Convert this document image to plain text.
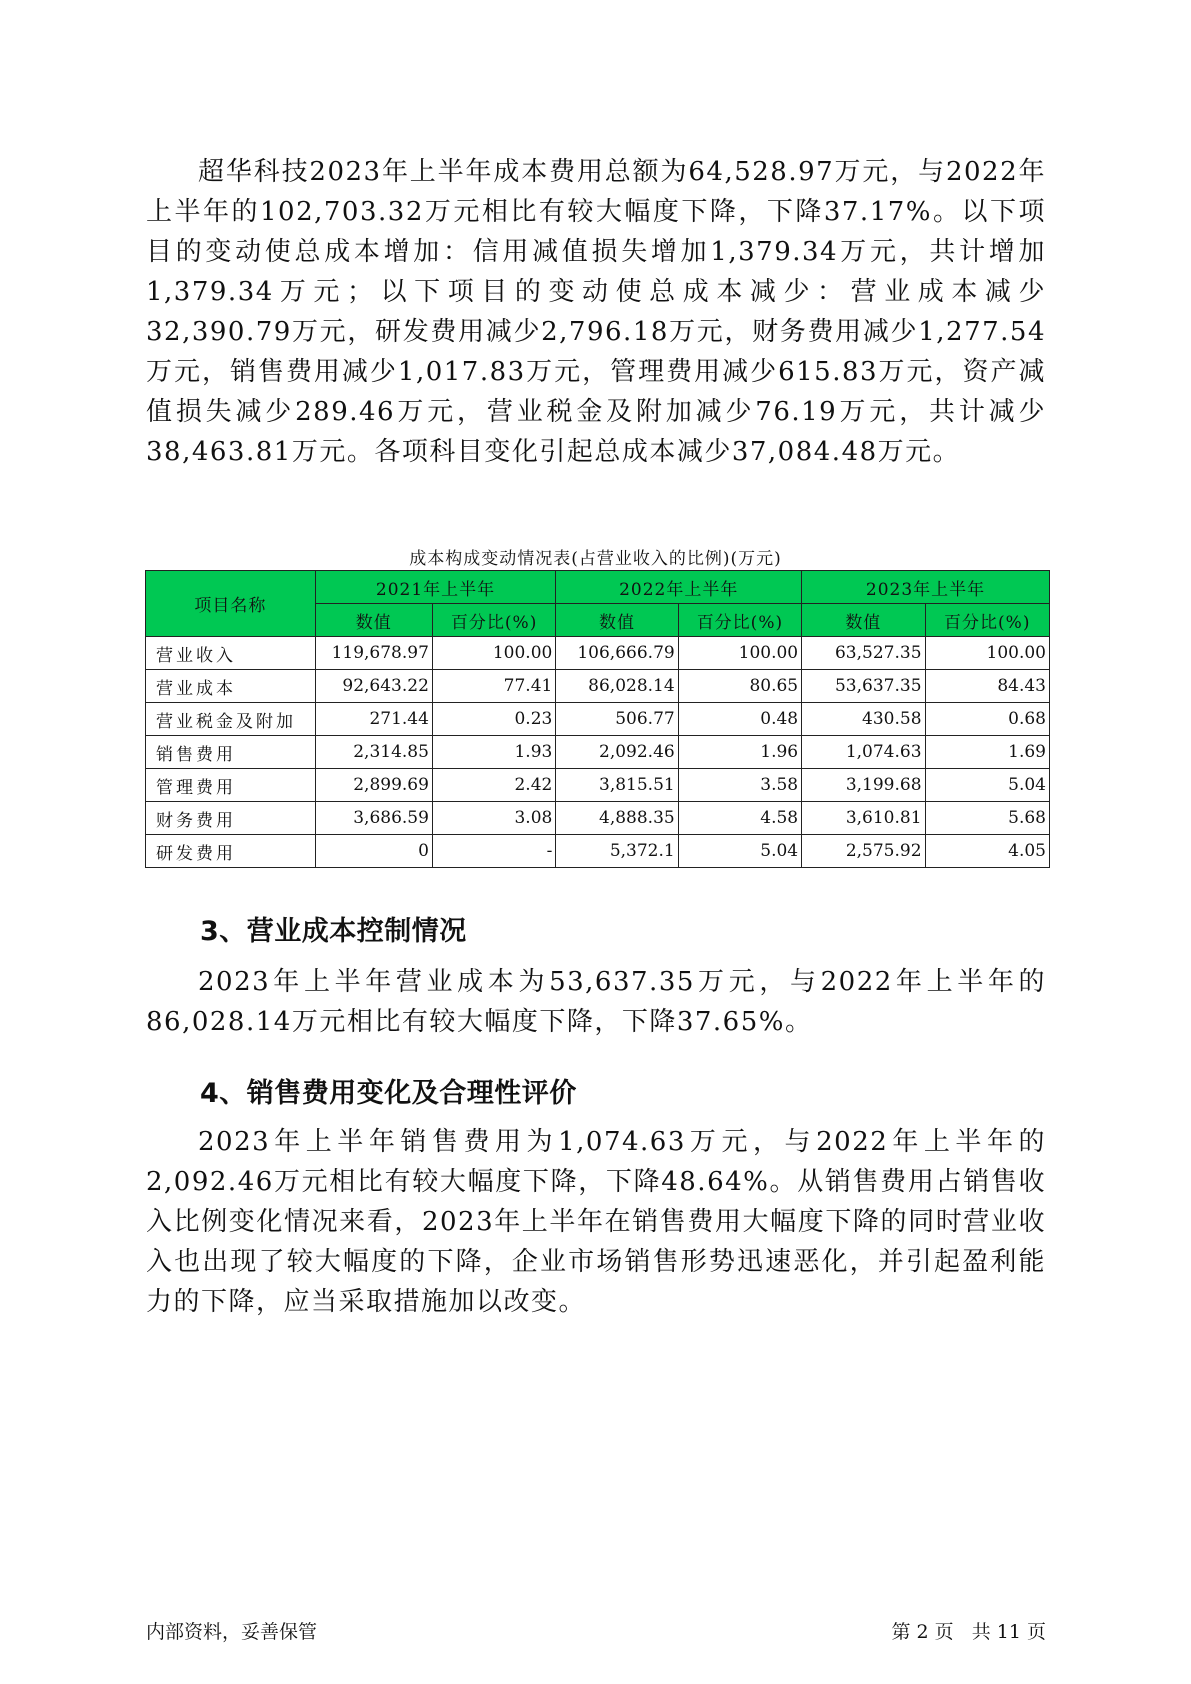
超华科技2023年上半年成本费用总额为64,528.97万元，与2022年上半年的102,703.32万元相比有较大幅度下降，下降37.17%。以下项目的变动使总成本增加：信用减值损失增加1,379.34万元，共计增加1,379.34万元；以下项目的变动使总成本减少：营业成本减少32,390.79万元，研发费用减少2,796.18万元，财务费用减少1,277.54万元，销售费用减少1,017.83万元，管理费用减少615.83万元，资产减值损失减少289.46万元，营业税金及附加减少76.19万元，共计减少38,463.81万元。各项科目变化引起总成本减少37,084.48万元。

成本构成变动情况表(占营业收入的比例)(万元)
项目名称	2021年上半年		2022年上半年		2023年上半年	
	数值	百分比(%)	数值	百分比(%)	数值	百分比(%)
营业收入	119,678.97	100.00	106,666.79	100.00	63,527.35	100.00
营业成本	92,643.22	77.41	86,028.14	80.65	53,637.35	84.43
营业税金及附加	271.44	0.23	506.77	0.48	430.58	0.68
销售费用	2,314.85	1.93	2,092.46	1.96	1,074.63	1.69
管理费用	2,899.69	2.42	3,815.51	3.58	3,199.68	5.04
财务费用	3,686.59	3.08	4,888.35	4.58	3,610.81	5.68
研发费用	0	-	5,372.1	5.04	2,575.92	4.05
3、营业成本控制情况

2023年上半年营业成本为53,637.35万元，与2022年上半年的86,028.14万元相比有较大幅度下降，下降37.65%。

4、销售费用变化及合理性评价

2023年上半年销售费用为1,074.63万元，与2022年上半年的2,092.46万元相比有较大幅度下降，下降48.64%。从销售费用占销售收入比例变化情况来看，2023年上半年在销售费用大幅度下降的同时营业收入也出现了较大幅度的下降，企业市场销售形势迅速恶化，并引起盈利能力的下降，应当采取措施加以改变。

内部资料，妥善保管	第 2 页   共 11 页
